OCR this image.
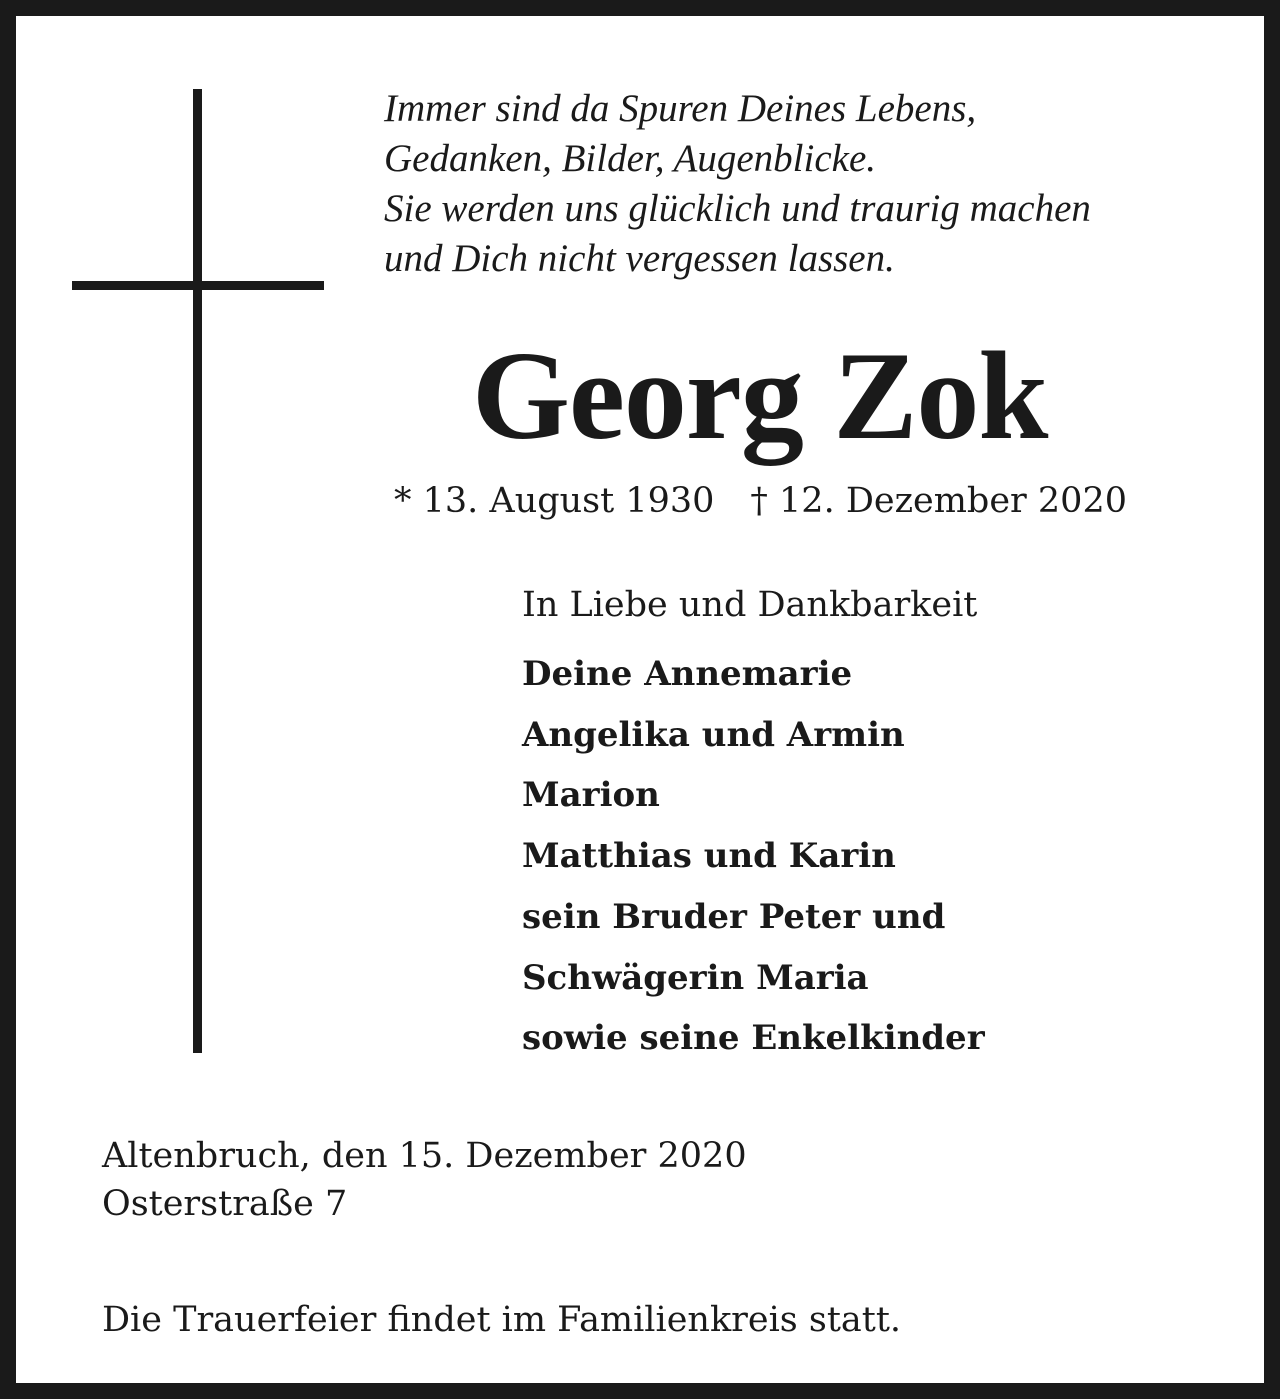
Immer sind da Spuren Deines Lebens,
Gedanken, Bilder, Augenblicke.
Sie werden uns glücklich und traurig machen
und Dich nicht vergessen lassen.
Georg Zok
* 13. August 1930 † 12. Dezember 2020
In Liebe und Dankbarkeit
Deine Annemarie
Angelika und Armin
Marion
Matthias und Karin
sein Bruder Peter und
Schwägerin Maria
sowie seine Enkelkinder
Altenbruch, den 15. Dezember 2020
Osterstraße 7
Die Trauerfeier findet im Familienkreis statt.
